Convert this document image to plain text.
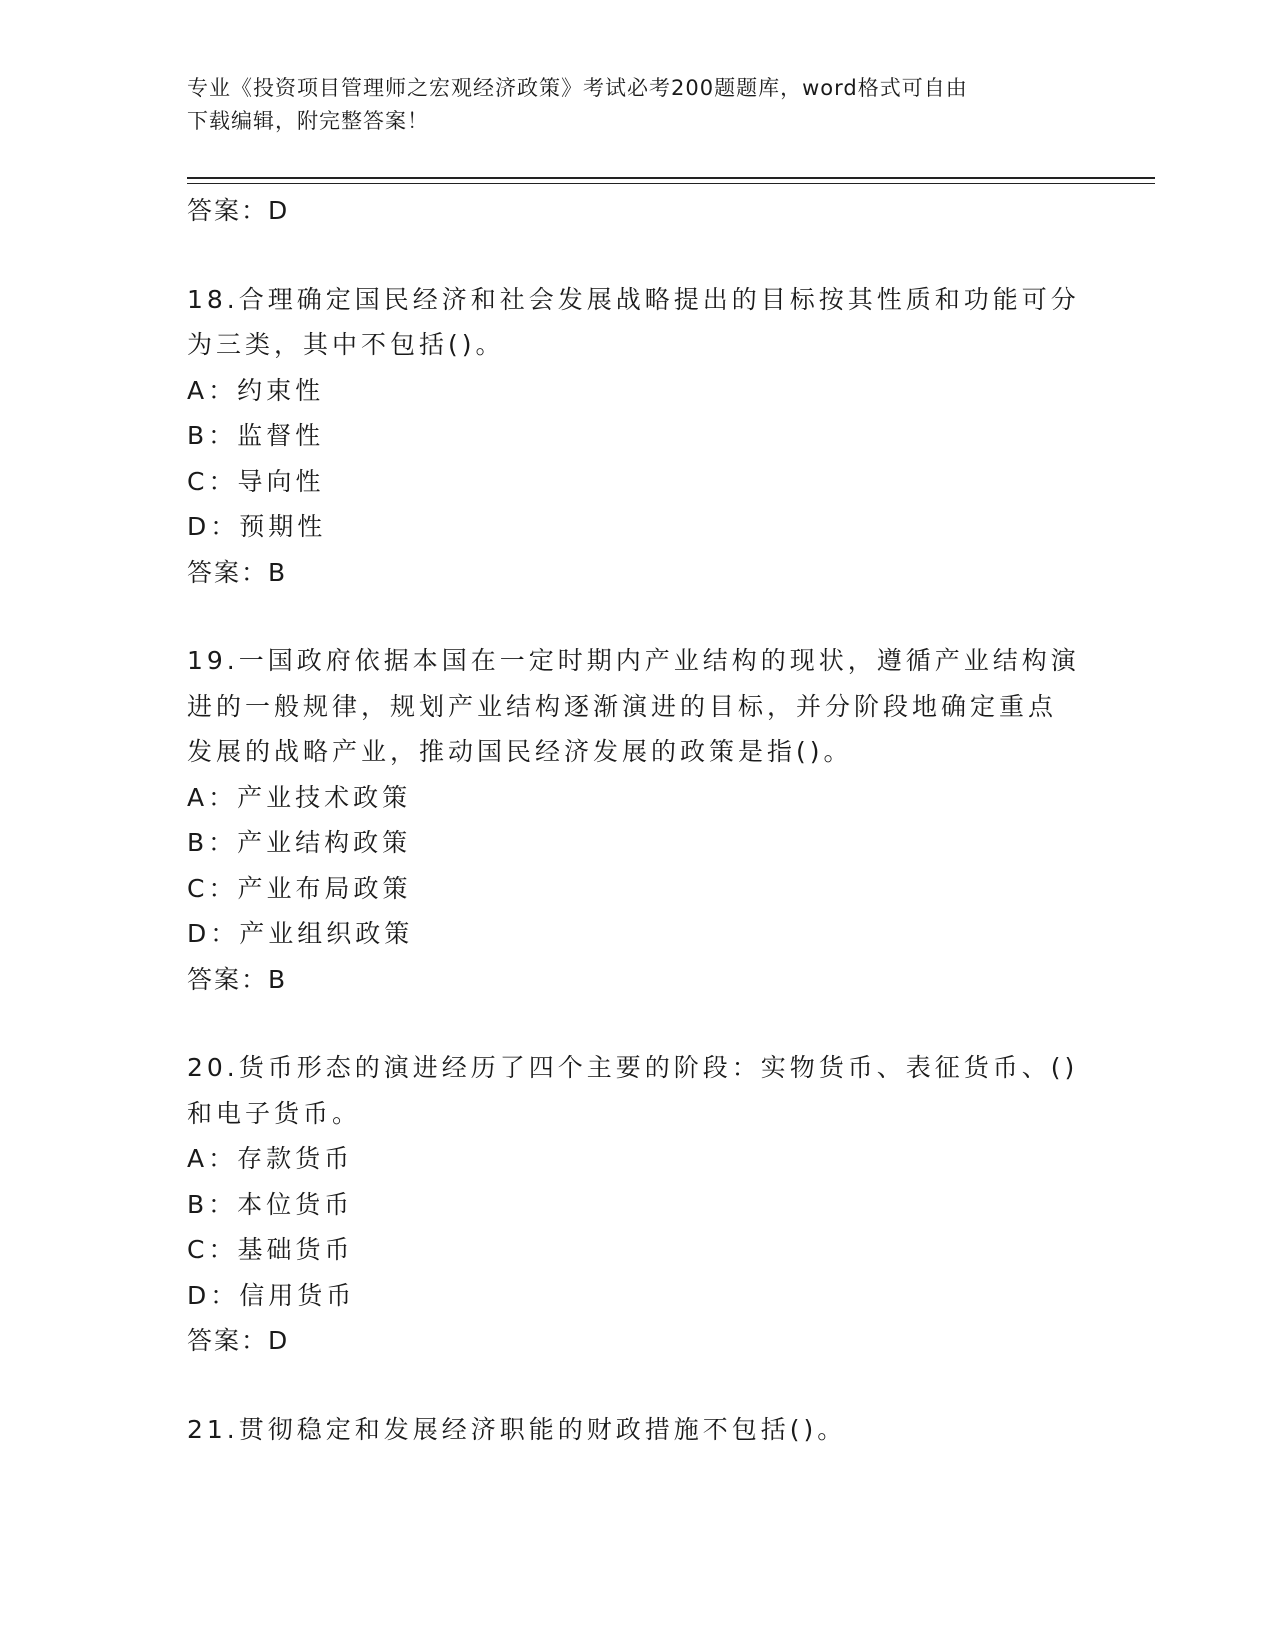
专业《投资项目管理师之宏观经济政策》考试必考200题题库，word格式可自由
下载编辑，附完整答案！
答案：D
18.合理确定国民经济和社会发展战略提出的目标按其性质和功能可分
为三类，其中不包括()。
A：约束性
B：监督性
C：导向性
D：预期性
答案：B
19.一国政府依据本国在一定时期内产业结构的现状，遵循产业结构演
进的一般规律，规划产业结构逐渐演进的目标，并分阶段地确定重点
发展的战略产业，推动国民经济发展的政策是指()。
A：产业技术政策
B：产业结构政策
C：产业布局政策
D：产业组织政策
答案：B
20.货币形态的演进经历了四个主要的阶段：实物货币、表征货币、()
和电子货币。
A：存款货币
B：本位货币
C：基础货币
D：信用货币
答案：D
21.贯彻稳定和发展经济职能的财政措施不包括()。
